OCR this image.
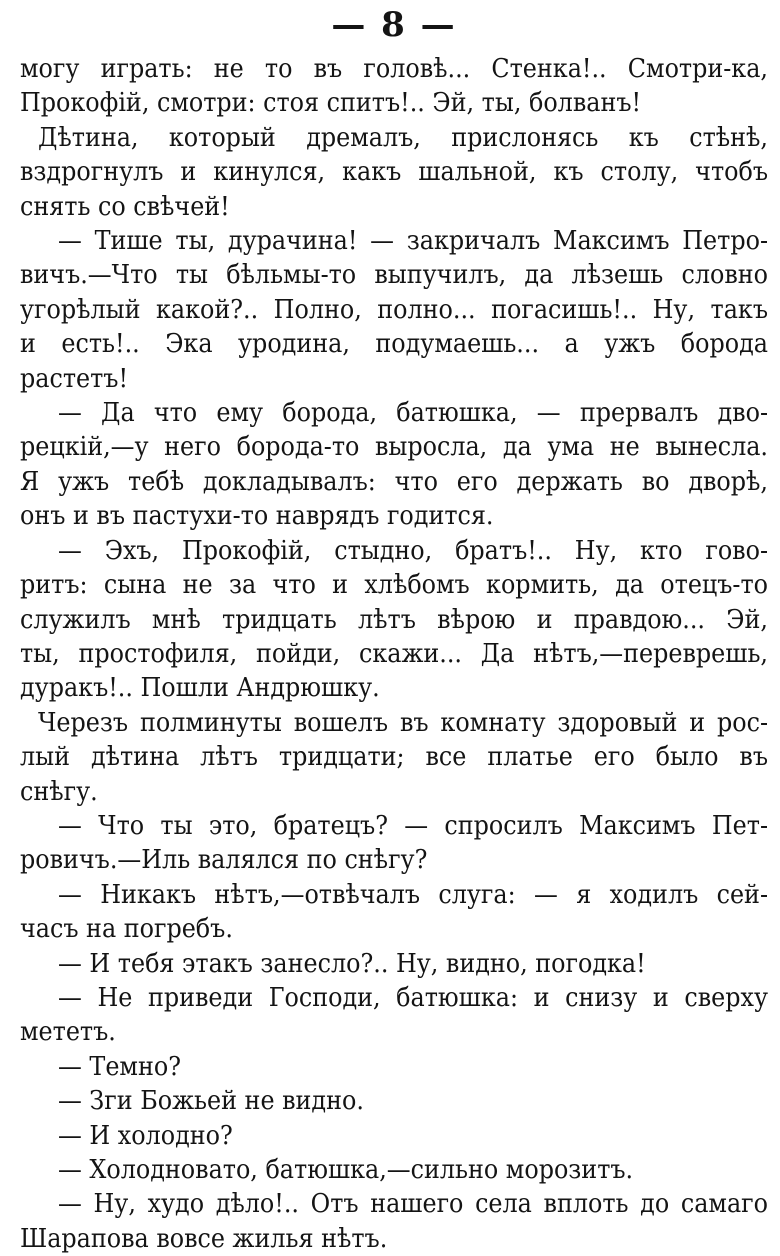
— 8 —

могу играть: не то въ головѣ... Стенка!.. Смотри-ка,

Прокофій, смотри: стоя спитъ!.. Эй, ты, болванъ!

Дѣтина, который дремалъ, прислонясь къ стѣнѣ,

вздрогнулъ и кинулся, какъ шальной, къ столу, чтобъ

снять со свѣчей!

— Тише ты, дурачина! — закричалъ Максимъ Петро-

вичъ.—Что ты бѣльмы-то выпучилъ, да лѣзешь словно

угорѣлый какой?.. Полно, полно... погасишь!.. Ну, такъ

и есть!.. Эка уродина, подумаешь... а ужъ борода

растетъ!

— Да что ему борода, батюшка, — прервалъ дво-

рецкій,—у него борода-то выросла, да ума не вынесла.

Я ужъ тебѣ докладывалъ: что его держать во дворѣ,

онъ и въ пастухи-то наврядъ годится.

— Эхъ, Прокофій, стыдно, братъ!.. Ну, кто гово-

ритъ: сына не за что и хлѣбомъ кормить, да отецъ-то

служилъ мнѣ тридцать лѣтъ вѣрою и правдою... Эй,

ты, простофиля, пойди, скажи... Да нѣтъ,—переврешь,

дуракъ!.. Пошли Андрюшку.

Черезъ полминуты вошелъ въ комнату здоровый и рос-

лый дѣтина лѣтъ тридцати; все платье его было въ

снѣгу.

— Что ты это, братецъ? — спросилъ Максимъ Пет-

ровичъ.—Иль валялся по снѣгу?

— Никакъ нѣтъ,—отвѣчалъ слуга: — я ходилъ сей-

часъ на погребъ.

— И тебя этакъ занесло?.. Ну, видно, погодка!

— Не приведи Господи, батюшка: и снизу и сверху

мететъ.

— Темно?

— Зги Божьей не видно.

— И холодно?

— Холодновато, батюшка,—сильно морозитъ.

— Ну, худо дѣло!.. Отъ нашего села вплоть до самаго

Шарапова вовсе жилья нѣтъ.
